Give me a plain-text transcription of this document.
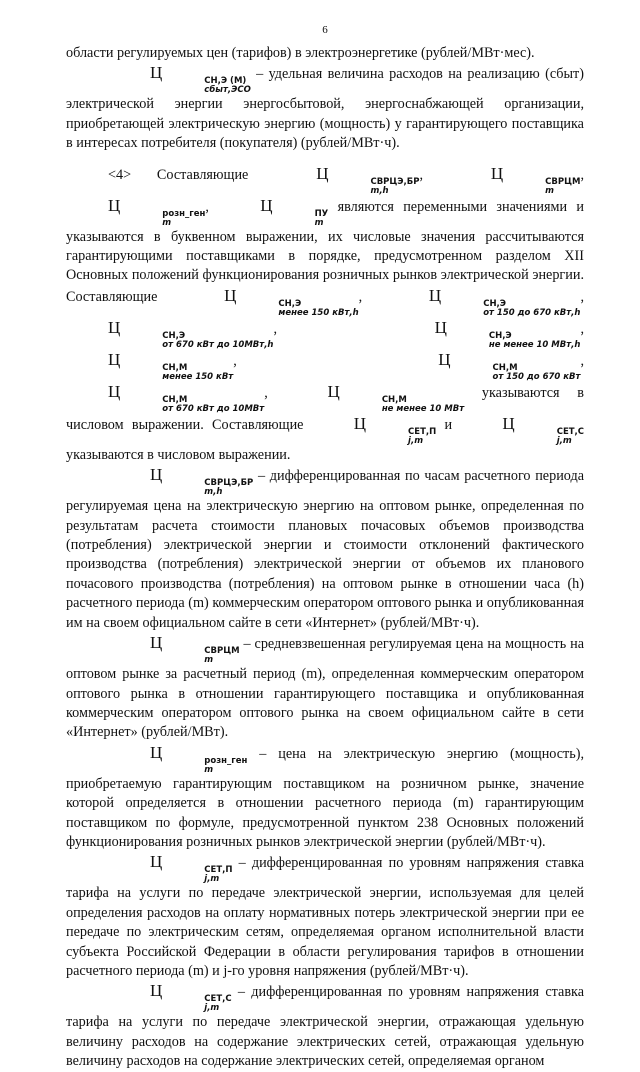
6

области регулируемых цен (тарифов) в электроэнергетике (рублей/МВт·мес).

Ц	СН,Э (М)
сбыт,ЭСО
– удельная величина расходов на реализацию (сбыт) электрической энергии энергосбытовой, энергоснабжающей организации, приобретающей электрическую энергию (мощность) у гарантирующего поставщика в интересах потребителя (покупателя) (рублей/МВт·ч).

<4> Составляющие Ц	СВРЦЭ,БР
m,h
, Ц	СВРЦМ
m
, Ц	розн_ген
m
, Ц	ПУ
m
являются переменными значениями и указываются в буквенном выражении, их числовые значения рассчитываются гарантирующими поставщиками в порядке, предусмотренном разделом XII Основных положений функционирования розничных рынков электрической энергии. Составляющие Ц	СН,Э
менее 150 кВт,h
, Ц	СН,Э
от 150 до 670 кВт,h
, Ц	СН,Э
от 670 кВт до 10МВт,h
, Ц	СН,Э
не менее 10 МВт,h
, Ц	СН,М
менее 150 кВт
, Ц	СН,М
от 150 до 670 кВт
, Ц	СН,М
от 670 кВт до 10МВт
, Ц	СН,М
не менее 10 МВт
указываются в числовом выражении. Составляющие Ц	СЕТ,П
j,m
и Ц	СЕТ,С
j,m
указываются в числовом выражении.

Ц	СВРЦЭ,БР
m,h
– дифференцированная по часам расчетного периода регулируемая цена на электрическую энергию на оптовом рынке, определенная по результатам расчета стоимости плановых почасовых объемов производства (потребления) электрической энергии и стоимости отклонений фактического производства (потребления) электрической энергии от объемов их планового почасового производства (потребления) на оптовом рынке в отношении часа (h) расчетного периода (m) коммерческим оператором оптового рынка и опубликованная им на своем официальном сайте в сети «Интернет» (рублей/МВт·ч).

Ц	СВРЦМ
m
– средневзвешенная регулируемая цена на мощность на оптовом рынке за расчетный период (m), определенная коммерческим оператором оптового рынка в отношении гарантирующего поставщика и опубликованная коммерческим оператором оптового рынка на своем официальном сайте в сети «Интернет» (рублей/МВт).

Ц	розн_ген
m
– цена на электрическую энергию (мощность), приобретаемую гарантирующим поставщиком на розничном рынке, значение которой определяется в отношении расчетного периода (m) гарантирующим поставщиком по формуле, предусмотренной пунктом 238 Основных положений функционирования розничных рынков электрической энергии (рублей/МВт·ч).

Ц	СЕТ,П
j,m
– дифференцированная по уровням напряжения ставка тарифа на услуги по передаче электрической энергии, используемая для целей определения расходов на оплату нормативных потерь электрической энергии при ее передаче по электрическим сетям, определяемая органом исполнительной власти субъекта Российской Федерации в области регулирования тарифов в отношении расчетного периода (m) и j-го уровня напряжения (рублей/МВт·ч).

Ц	СЕТ,С
j,m
– дифференцированная по уровням напряжения ставка тарифа на услуги по передаче электрической энергии, отражающая удельную величину расходов на содержание электрических сетей, отражающая удельную величину расходов на содержание электрических сетей, определяемая органом
